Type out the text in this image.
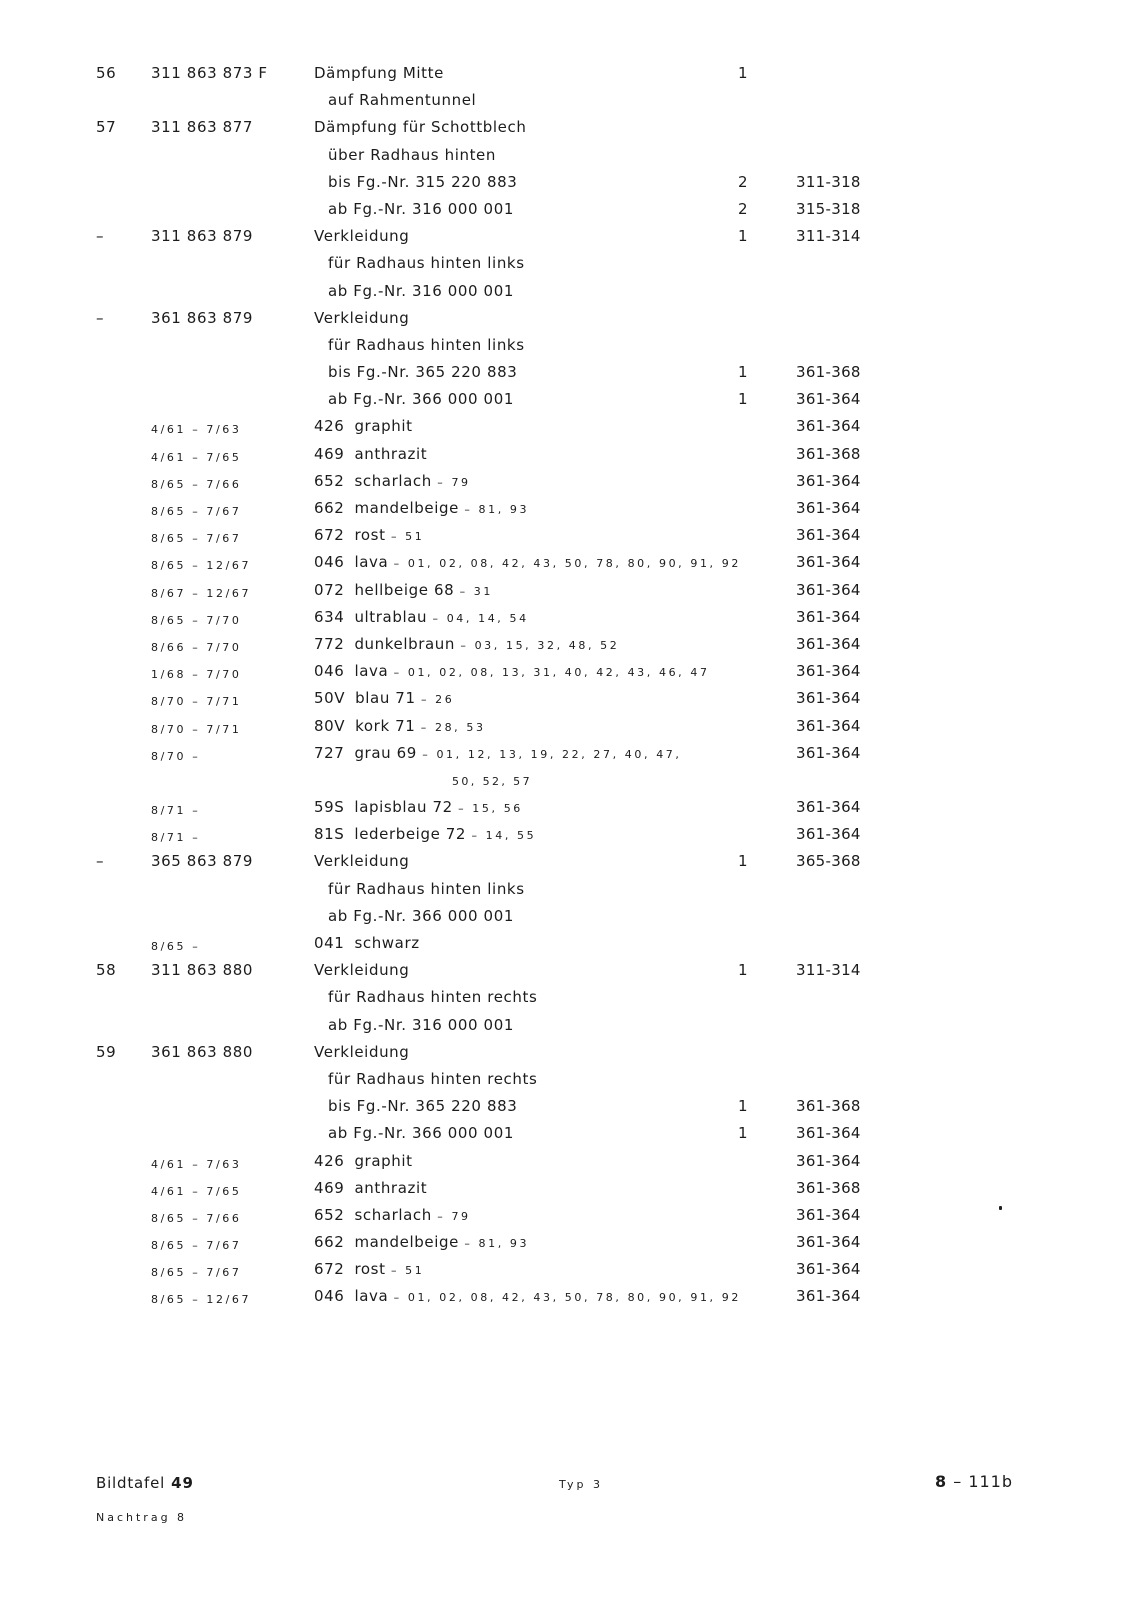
56 311 863 873 F	Dämpfung Mitte	1
auf Rahmentunnel
57 311 863 877	Dämpfung für Schottblech
über Radhaus hinten
bis Fg.-Nr. 315 220 883	2	311-318
ab Fg.-Nr. 316 000 001	2	315-318
–	311 863 879	Verkleidung	1	311-314
für Radhaus hinten links
ab Fg.-Nr. 316 000 001
–	361 863 879	Verkleidung
für Radhaus hinten links
bis Fg.-Nr. 365 220 883	1	361-368
ab Fg.-Nr. 366 000 001	1	361-364
4/61 – 7/63	426 graphit	361-364
4/61 – 7/65	469 anthrazit	361-368
8/65 – 7/66	652 scharlach – 79	361-364
8/65 – 7/67	662 mandelbeige – 81, 93	361-364
8/65 – 7/67	672 rost – 51	361-364
8/65 – 12/67	046 lava – 01, 02, 08, 42, 43, 50, 78, 80, 90, 91, 92	361-364
8/67 – 12/67	072 hellbeige 68 – 31	361-364
8/65 – 7/70	634 ultrablau – 04, 14, 54	361-364
8/66 – 7/70	772 dunkelbraun – 03, 15, 32, 48, 52	361-364
1/68 – 7/70	046 lava – 01, 02, 08, 13, 31, 40, 42, 43, 46, 47	361-364
8/70 – 7/71	50V blau 71 – 26	361-364
8/70 – 7/71	80V kork 71 – 28, 53	361-364
8/70 –	727 grau 69 – 01, 12, 13, 19, 22, 27, 40, 47,	361-364
50, 52, 57
8/71 –	59S lapisblau 72 – 15, 56	361-364
8/71 –	81S lederbeige 72 – 14, 55	361-364
–	365 863 879	Verkleidung	1	365-368
für Radhaus hinten links
ab Fg.-Nr. 366 000 001
8/65 –	041 schwarz
58 311 863 880	Verkleidung	1	311-314
für Radhaus hinten rechts
ab Fg.-Nr. 316 000 001
59 361 863 880	Verkleidung
für Radhaus hinten rechts
bis Fg.-Nr. 365 220 883	1	361-368
ab Fg.-Nr. 366 000 001	1	361-364
4/61 – 7/63	426 graphit	361-364
4/61 – 7/65	469 anthrazit	361-368
8/65 – 7/66	652 scharlach – 79	361-364
8/65 – 7/67	662 mandelbeige – 81, 93	361-364
8/65 – 7/67	672 rost – 51	361-364
8/65 – 12/67	046 lava – 01, 02, 08, 42, 43, 50, 78, 80, 90, 91, 92	361-364
Bildtafel 49
Nachtrag 8
Typ 3	8 – 111b
